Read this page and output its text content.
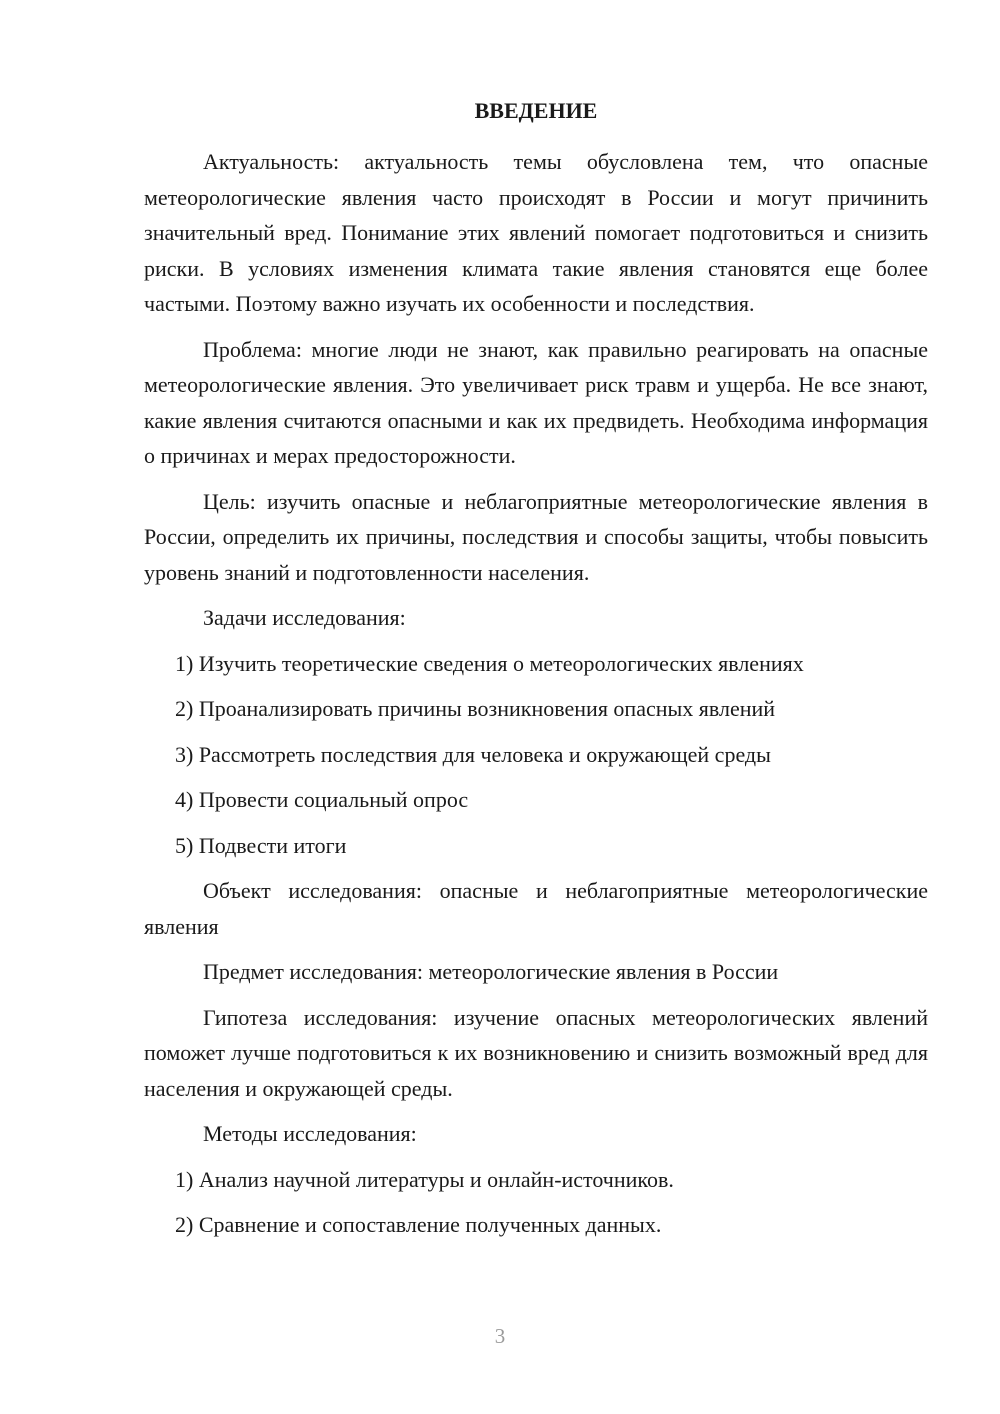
ВВЕДЕНИЕ

Актуальность: актуальность темы обусловлена тем, что опасные метеорологические явления часто происходят в России и могут причинить значительный вред. Понимание этих явлений помогает подготовиться и снизить риски. В условиях изменения климата такие явления становятся еще более частыми. Поэтому важно изучать их особенности и последствия.

Проблема: многие люди не знают, как правильно реагировать на опасные метеорологические явления. Это увеличивает риск травм и ущерба. Не все знают, какие явления считаются опасными и как их предвидеть. Необходима информация о причинах и мерах предосторожности.

Цель: изучить опасные и неблагоприятные метеорологические явления в России, определить их причины, последствия и способы защиты, чтобы повысить уровень знаний и подготовленности населения.

Задачи исследования:

1) Изучить теоретические сведения о метеорологических явлениях
2) Проанализировать причины возникновения опасных явлений
3) Рассмотреть последствия для человека и окружающей среды
4) Провести социальный опрос
5) Подвести итоги

Объект исследования: опасные и неблагоприятные метеорологические явления

Предмет исследования: метеорологические явления в России

Гипотеза исследования: изучение опасных метеорологических явлений поможет лучше подготовиться к их возникновению и снизить возможный вред для населения и окружающей среды.

Методы исследования:

1) Анализ научной литературы и онлайн-источников.
2) Сравнение и сопоставление полученных данных.
3
